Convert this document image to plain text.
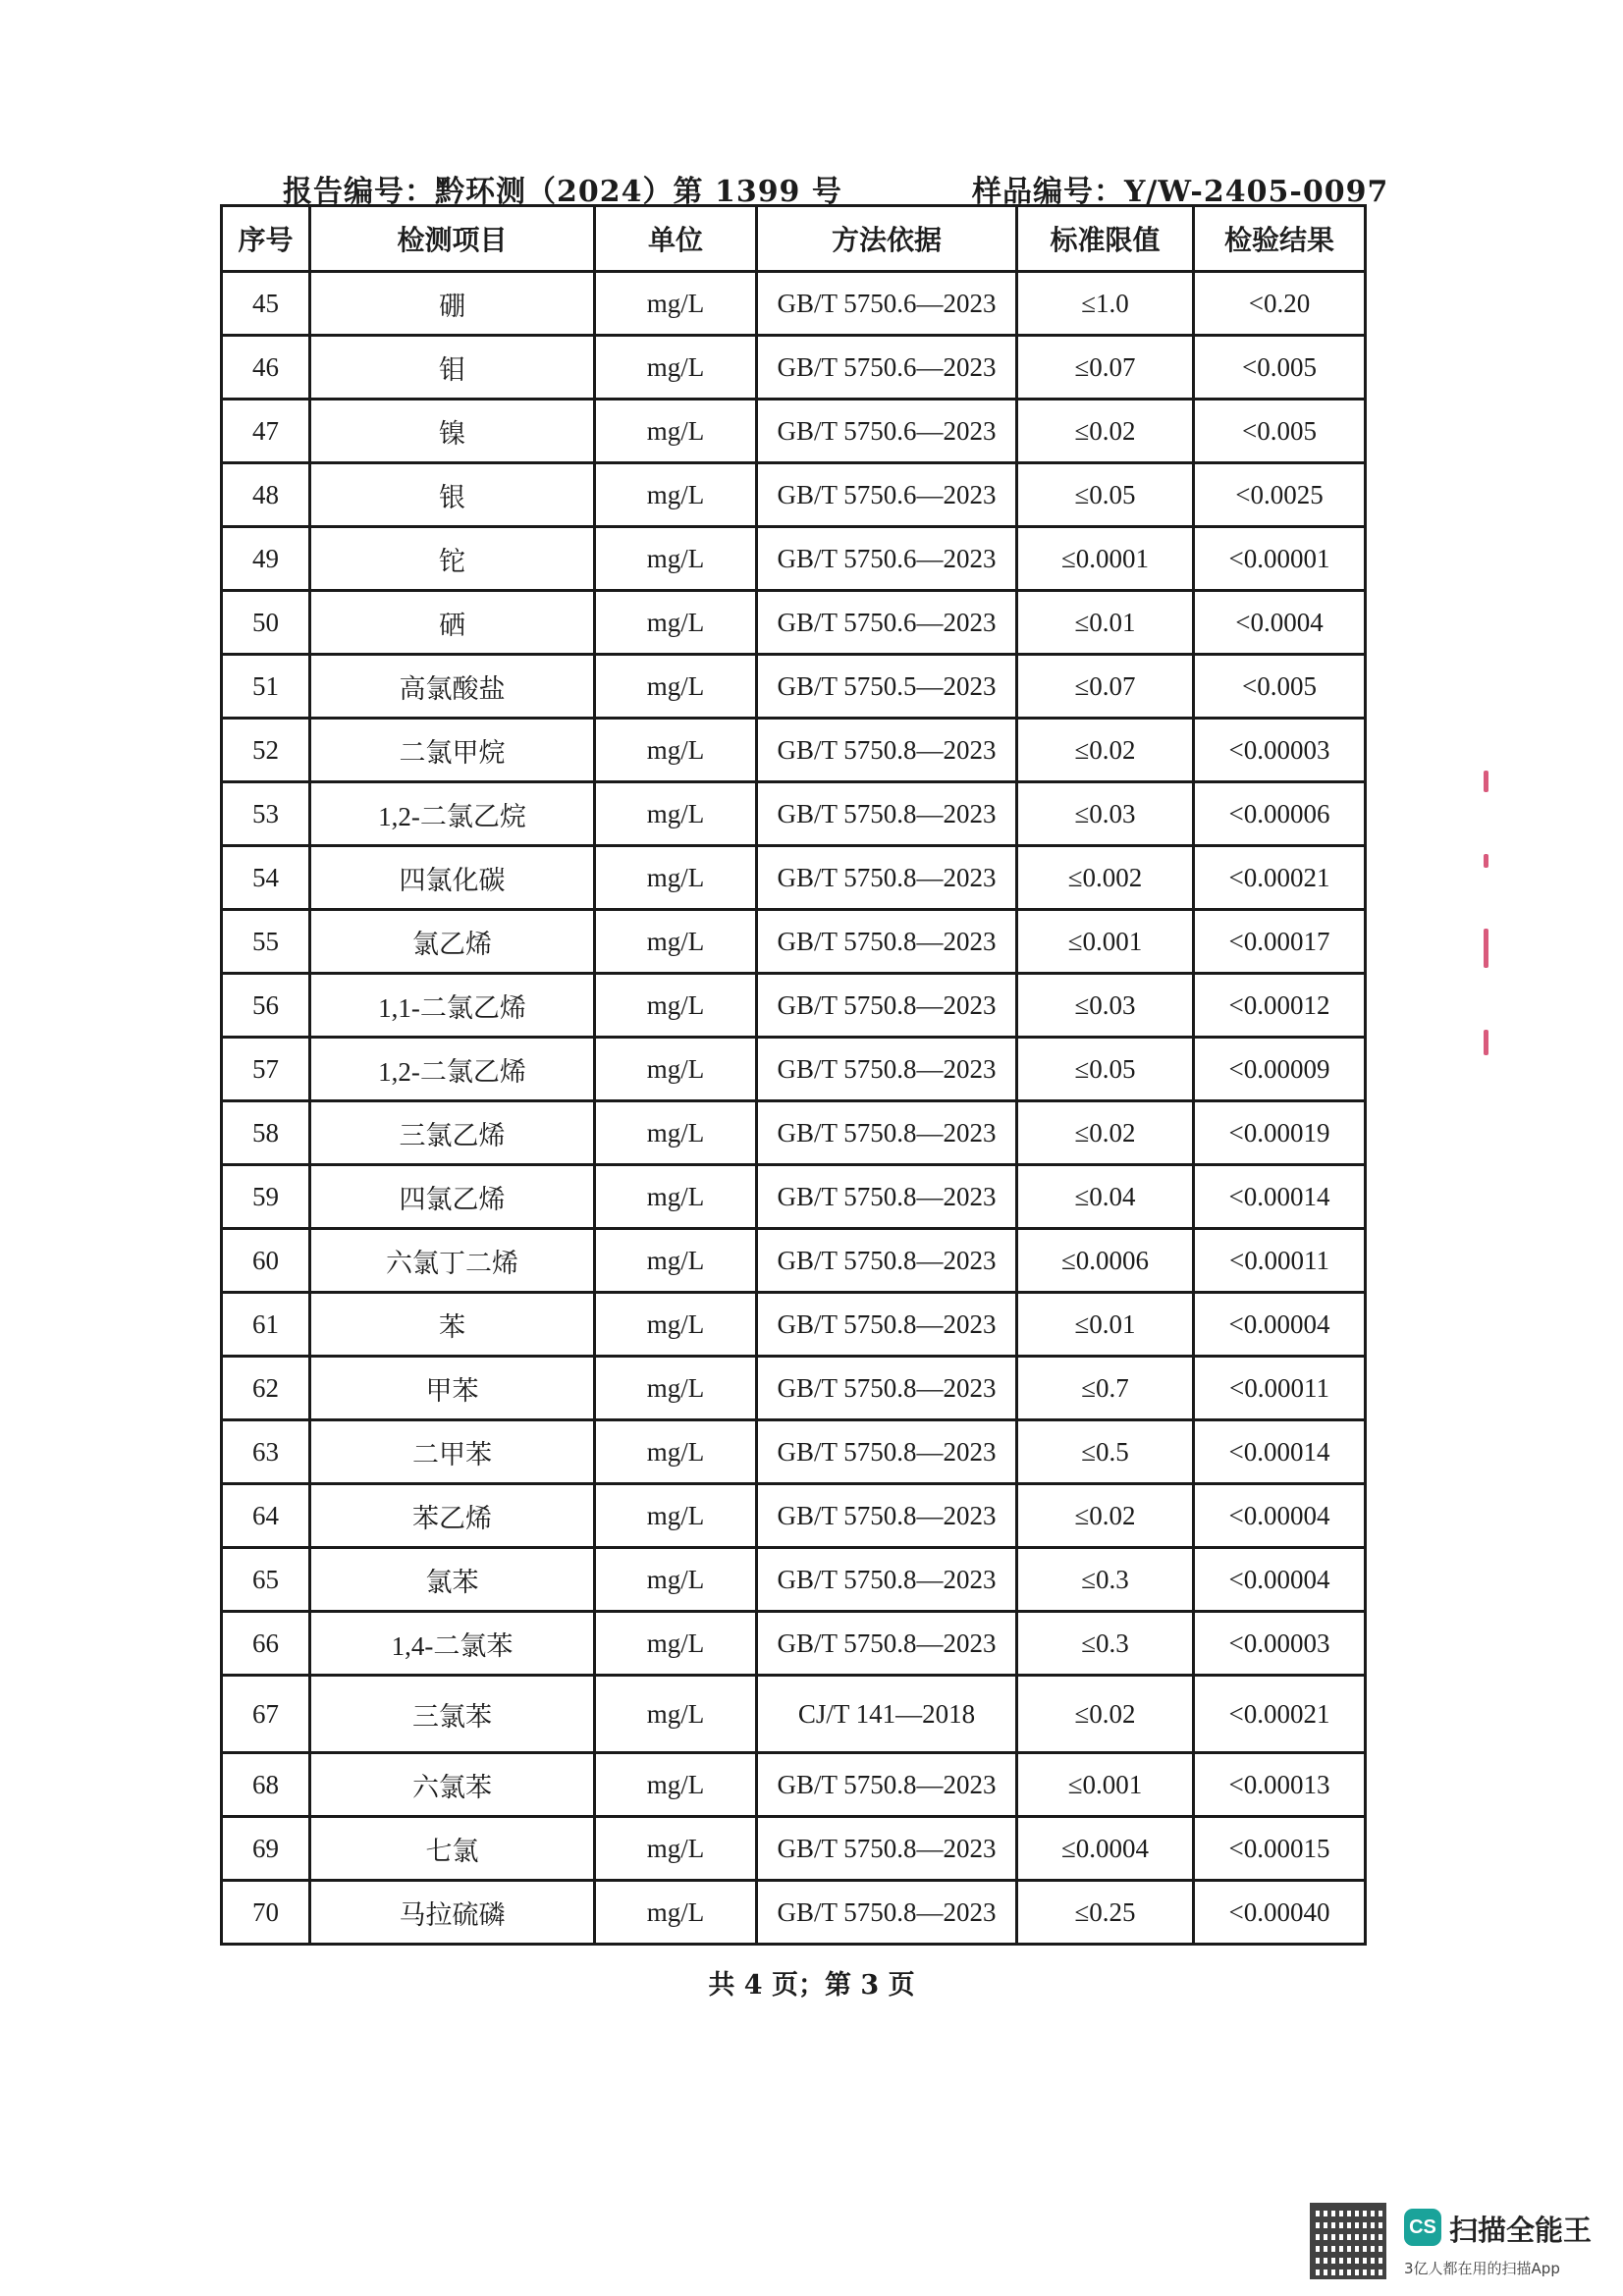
报告编号：黔环测（2024）第 1399 号	样品编号：Y/W-2405-0097
序号	检测项目	单位	方法依据	标准限值	检验结果
45	硼	mg/L	GB/T 5750.6—2023	≤1.0	<0.20
46	钼	mg/L	GB/T 5750.6—2023	≤0.07	<0.005
47	镍	mg/L	GB/T 5750.6—2023	≤0.02	<0.005
48	银	mg/L	GB/T 5750.6—2023	≤0.05	<0.0025
49	铊	mg/L	GB/T 5750.6—2023	≤0.0001	<0.00001
50	硒	mg/L	GB/T 5750.6—2023	≤0.01	<0.0004
51	高氯酸盐	mg/L	GB/T 5750.5—2023	≤0.07	<0.005
52	二氯甲烷	mg/L	GB/T 5750.8—2023	≤0.02	<0.00003
53	1,2-二氯乙烷	mg/L	GB/T 5750.8—2023	≤0.03	<0.00006
54	四氯化碳	mg/L	GB/T 5750.8—2023	≤0.002	<0.00021
55	氯乙烯	mg/L	GB/T 5750.8—2023	≤0.001	<0.00017
56	1,1-二氯乙烯	mg/L	GB/T 5750.8—2023	≤0.03	<0.00012
57	1,2-二氯乙烯	mg/L	GB/T 5750.8—2023	≤0.05	<0.00009
58	三氯乙烯	mg/L	GB/T 5750.8—2023	≤0.02	<0.00019
59	四氯乙烯	mg/L	GB/T 5750.8—2023	≤0.04	<0.00014
60	六氯丁二烯	mg/L	GB/T 5750.8—2023	≤0.0006	<0.00011
61	苯	mg/L	GB/T 5750.8—2023	≤0.01	<0.00004
62	甲苯	mg/L	GB/T 5750.8—2023	≤0.7	<0.00011
63	二甲苯	mg/L	GB/T 5750.8—2023	≤0.5	<0.00014
64	苯乙烯	mg/L	GB/T 5750.8—2023	≤0.02	<0.00004
65	氯苯	mg/L	GB/T 5750.8—2023	≤0.3	<0.00004
66	1,4-二氯苯	mg/L	GB/T 5750.8—2023	≤0.3	<0.00003
67	三氯苯	mg/L	CJ/T 141—2018	≤0.02	<0.00021
68	六氯苯	mg/L	GB/T 5750.8—2023	≤0.001	<0.00013
69	七氯	mg/L	GB/T 5750.8—2023	≤0.0004	<0.00015
70	马拉硫磷	mg/L	GB/T 5750.8—2023	≤0.25	<0.00040
共 4 页；第 3 页
CS 扫描全能王
3亿人都在用的扫描App
